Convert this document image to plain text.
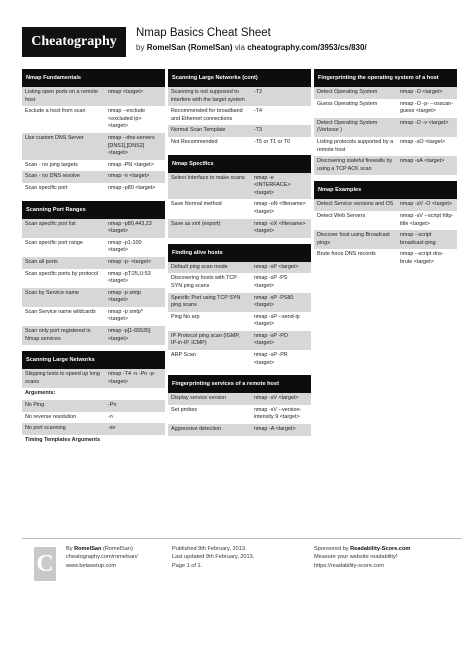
Cheatography
Nmap Basics Cheat Sheet
by RomelSan (RomelSan) via cheatography.com/3953/cs/830/
Nmap Fundamentals
Listing open ports on a remote host	nmap <target>
Exclude a host from scan	nmap --exclude <excluded ip> <target>
Use custom DNS Server	nmap --dns-servers [DNS1],[DNS2] <target>
Scan - no ping targets	nmap -PN <target>
Scan - no DNS resolve	nmap -n <target>
Scan specific port	nmap -p80 <target>
Scanning Port Ranges
Scan specific port list	nmap -p80,443,23 <target>
Scan specific port range	nmap -p1-100 <target>
Scan all ports	nmap -p- <target>
Scan specific ports by protocol	nmap -pT:25,U:53 <target>
Scan by Service name	nmap -p smtp <target>
Scan Service name wildcards	nmap -p smtp* <target>
Scan only port registered in Nmap services	nmap -p[1-65535] <target>
Scanning Large Networks
Skipping tests to speed up long scans	nmap -T4 -n -Pn -p- <target>
Arguments:	
No Ping	-Pn
No reverse resolution	-n
No port scanning	-sn
Timing Templates Arguments	
Scanning Large Networks (cont)
Scanning is not supposed to interfere with the target system	-T2
Recommended for broadband and Ethernet connections	-T4
Normal Scan Template	-T3
Not Recommended	-T5 or T1 or T0
Nmap Specifics
Select Interface to make scans	nmap -e <INTERFACE> <target>
Save Normal method	nmap -oN <filename> <target>
Save as xml (export)	nmap -oX <filename> <target>
Finding alive hosts
Default ping scan mode	nmap -sP <target>
Discovering hosts with TCP SYN ping scans	nmap -sP -PS <target>
Specific Port using TCP SYN ping scans	nmap -sP -PS80 <target>
Ping No arp	nmap -sP --send-ip <target>
IP Protocol ping scan (IGMP, IP-in-IP, ICMP)	nmap -sP -PO <target>
ARP Scan	nmap -sP -PR <target>
Fingerprinting services of a remote host
Display service version	nmap -sV <target>
Set probes	nmap -sV --version-intensity 9 <target>
Aggressive detection	nmap -A <target>
Fingerprinting the operating system of a host
Detect Operating System	nmap -O <target>
Guess Operating System	nmap -O -p- --osscan-guess <target>
Detect Operating System (Verbose )	nmap -O -v <target>
Listing protocols supported by a remote host	nmap -sO <target>
Discovering stateful firewalls by using a TCP ACK scan	nmap -sA <target>
Nmap Examples
Detect Service versions and OS	nmap -sV -O <target>
Detect Web Servers	nmap -sV --script http-title <target>
Discover host using Broadcast pings	nmap --script broadcast-ping
Brute force DNS records	nmap --script dns-brute <target>
C
By RomelSan (RomelSan)
cheatography.com/romelsan/
www.betasetup.com
Published 9th February, 2013.
Last updated 9th February, 2013.
Page 1 of 1.
Sponsored by Readability-Score.com
Measure your website readability!
https://readability-score.com
